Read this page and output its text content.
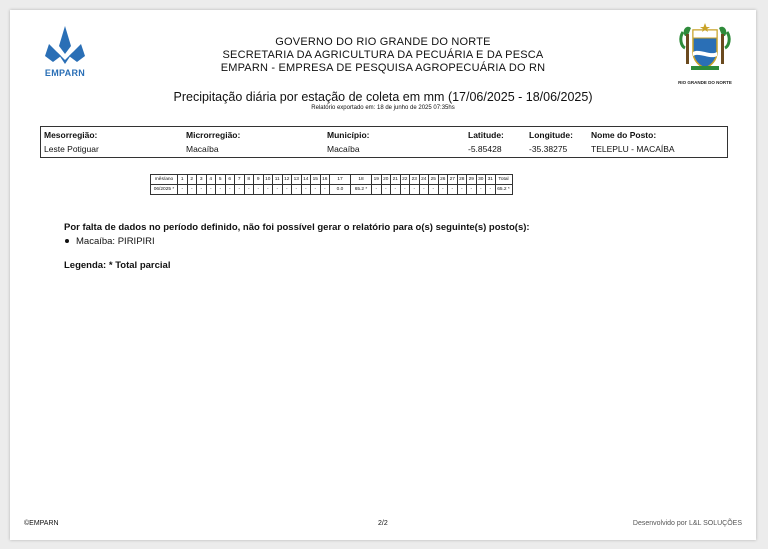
EMPARN
RIO GRANDE DO NORTE
GOVERNO DO RIO GRANDE DO NORTE
SECRETARIA DA AGRICULTURA DA PECUÁRIA E DA PESCA
EMPARN - EMPRESA DE PESQUISA AGROPECUÁRIA DO RN
Precipitação diária por estação de coleta em mm (17/06/2025 - 18/06/2025)
Relatório exportado em: 18 de junho de 2025 07:35hs
Mesorregião:	Microrregião:	Município:	Latitude:	Longitude: Nome do Posto:
Leste Potiguar	Macaíba	Macaíba	-5.85428	-35.38275	TELEPLU - MACAÍBA
mês/ano	1	2	3	4	5	6	7	8	9	10	11	12	13	14	15	16	17	18	19	20	21	22	23	24	25	26	27	28	29	30	31	Total
06/2025 *	-	-	-	-	-	-	-	-	-	-	-	-	-	-	-	-	0.0	65.2 *	-	-	-	-	-	-	-	-	-	-	-	-	-	65.2 *
Por falta de dados no período definido, não foi possível gerar o relatório para o(s) seguinte(s) posto(s):
Macaíba: PIRIPIRI
Legenda: * Total parcial
©EMPARN	2/2	Desenvolvido por L&L SOLUÇÕES
